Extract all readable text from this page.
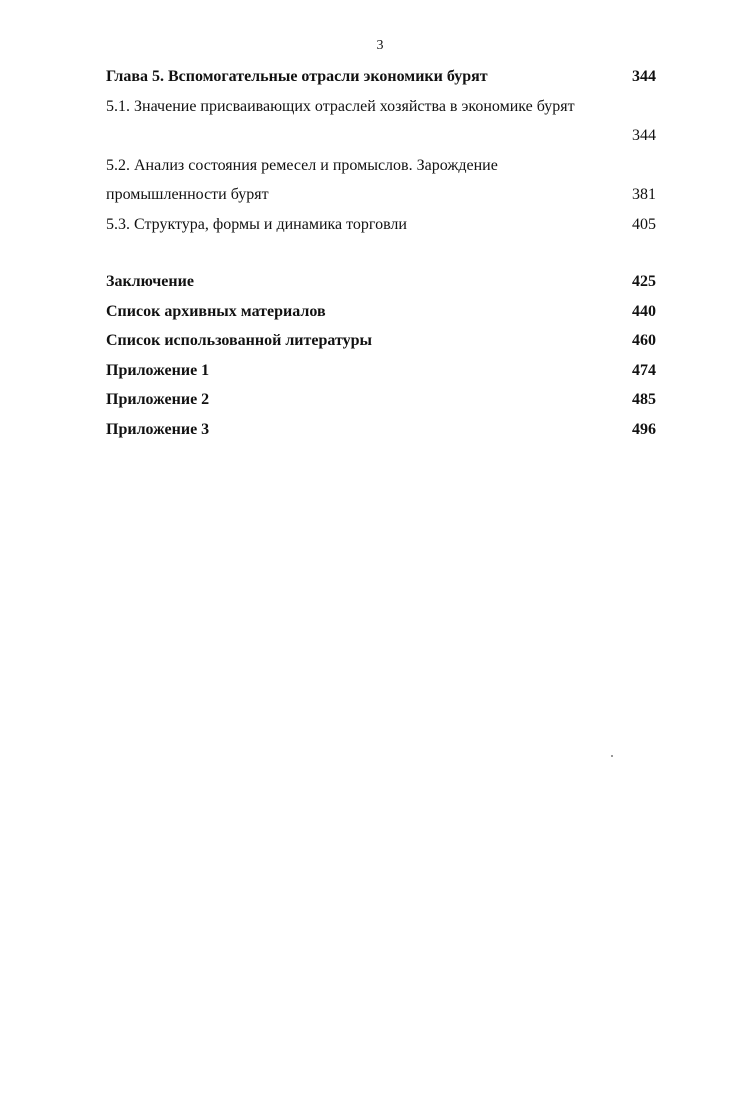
3
Глава 5. Вспомогательные отрасли экономики бурят	344
5.1. Значение присваивающих отраслей хозяйства в экономике бурят
344
5.2. Анализ состояния ремесел и промыслов. Зарождение промышленности бурят	381
5.3. Структура, формы и динамика торговли	405
Заключение	425
Список архивных материалов	440
Список использованной литературы	460
Приложение 1	474
Приложение 2	485
Приложение 3	496
